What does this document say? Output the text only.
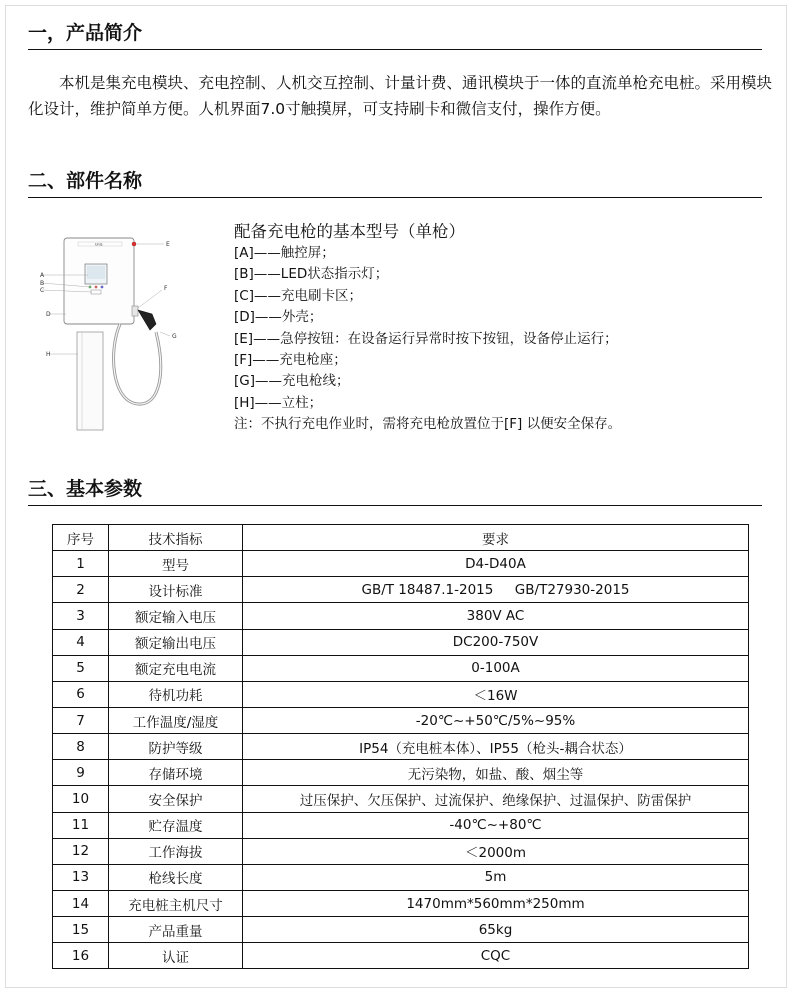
一，产品简介

本机是集充电模块、充电控制、人机交互控制、计量计费、通讯模块于一体的直流单枪充电桩。采用模块化设计，维护简单方便。人机界面7.0寸触摸屏，可支持刷卡和微信支付，操作方便。

二、部件名称
Unis
A
B
C
D
E
F
G
H

配备充电枪的基本型号（单枪）

[A]——触控屏；
[B]——LED状态指示灯；
[C]——充电刷卡区；
[D]——外壳；
[E]——急停按钮：在设备运行异常时按下按钮，设备停止运行；
[F]——充电枪座；
[G]——充电枪线；
[H]——立柱；
注：不执行充电作业时，需将充电枪放置位于[F] 以便安全保存。
三、基本参数
序号	技术指标	要求
1	型号	D4-D40A
2	设计标准	GB/T 18487.1-2015     GB/T27930-2015
3	额定输入电压	380V AC
4	额定输出电压	DC200-750V
5	额定充电电流	0-100A
6	待机功耗	＜16W
7	工作温度/湿度	-20℃~+50℃/5%~95%
8	防护等级	IP54（充电桩本体）、IP55（枪头-耦合状态）
9	存储环境	无污染物，如盐、酸、烟尘等
10	安全保护	过压保护、欠压保护、过流保护、绝缘保护、过温保护、防雷保护
11	贮存温度	-40℃~+80℃
12	工作海拔	＜2000m
13	枪线长度	5m
14	充电桩主机尺寸	1470mm*560mm*250mm
15	产品重量	65kg
16	认证	CQC
